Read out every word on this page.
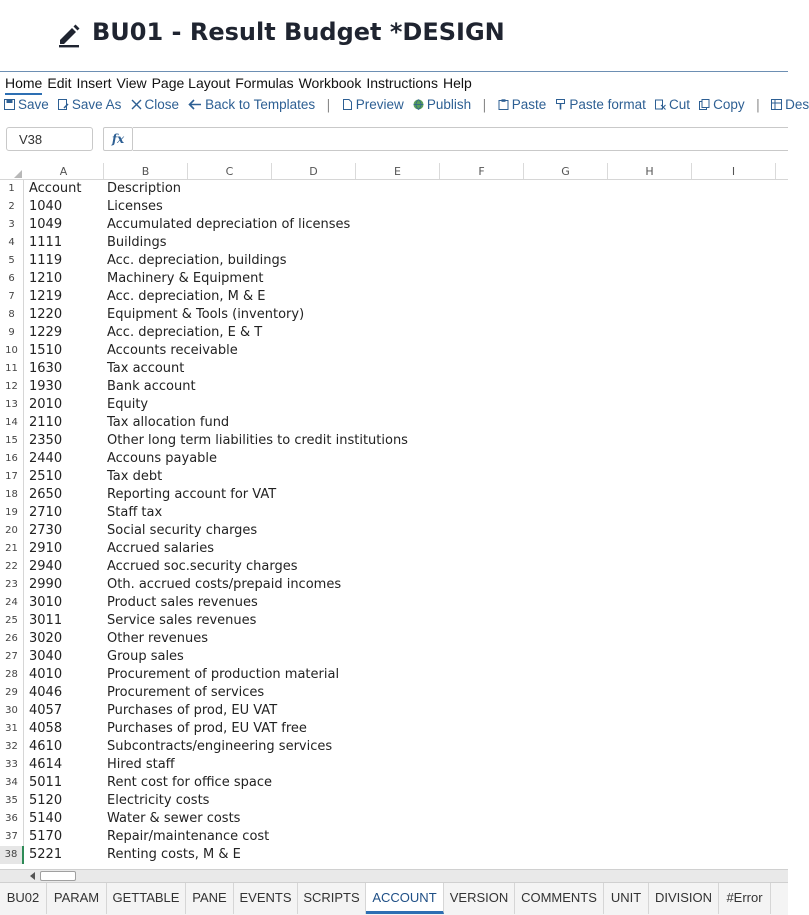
BU01 - Result Budget *DESIGN
Home Edit Insert View Page Layout Formulas Workbook Instructions Help
Save Save As Close Back to Templates | Preview Publish | Paste Paste format Cut Copy | Des
V38	fx
A	B	C	D	E	F	G	H	I
1	Account Description
2	1040	Licenses
3	1049	Accumulated depreciation of licenses
4	1111	Buildings
5	1119	Acc. depreciation, buildings
6	1210	Machinery & Equipment
7	1219	Acc. depreciation, M & E
8	1220	Equipment & Tools (inventory)
9	1229	Acc. depreciation, E & T
10 1510	Accounts receivable
11 1630	Tax account
12 1930	Bank account
13 2010	Equity
14 2110	Tax allocation fund
15 2350	Other long term liabilities to credit institutions
16 2440	Accouns payable
17 2510	Tax debt
18 2650	Reporting account for VAT
19 2710	Staff tax
20 2730	Social security charges
21 2910	Accrued salaries
22 2940	Accrued soc.security charges
23 2990	Oth. accrued costs/prepaid incomes
24 3010	Product sales revenues
25 3011	Service sales revenues
26 3020	Other revenues
27 3040	Group sales
28 4010	Procurement of production material
29 4046	Procurement of services
30 4057	Purchases of prod, EU VAT
31 4058	Purchases of prod, EU VAT free
32 4610	Subcontracts/engineering services
33 4614	Hired staff
34 5011	Rent cost for office space
35 5120	Electricity costs
36 5140	Water & sewer costs
37 5170	Repair/maintenance cost
38 5221	Renting costs, M & E
BU02	PARAM	GETTABLE PANE EVENTS SCRIPTS ACCOUNT	VERSION COMMENTS	UNIT	DIVISION	#Error
